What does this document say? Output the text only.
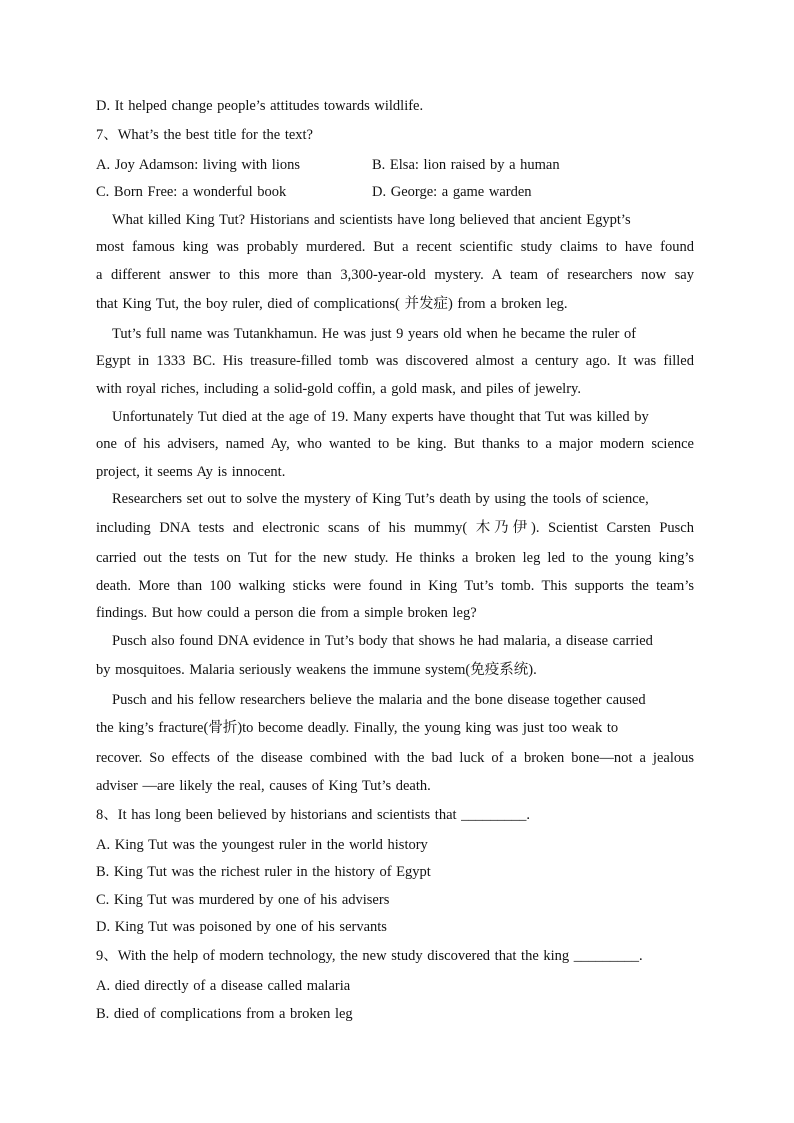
D. It helped change people’s attitudes towards wildlife.
7、What’s the best title for the text?
A. Joy Adamson: living with lions	B. Elsa: lion raised by a human
C. Born Free: a wonderful book	D. George: a game warden
What killed King Tut? Historians and scientists have long believed that ancient Egypt’s
most famous king was probably murdered. But a recent scientific study claims to have found
a different answer to this more than 3,300-year-old mystery. A team of researchers now say
that King Tut, the boy ruler, died of complications( 并发症) from a broken leg.
Tut’s full name was Tutankhamun. He was just 9 years old when he became the ruler of
Egypt in 1333 BC. His treasure-filled tomb was discovered almost a century ago. It was filled
with royal riches, including a solid-gold coffin, a gold mask, and piles of jewelry.
Unfortunately Tut died at the age of 19. Many experts have thought that Tut was killed by
one of his advisers, named Ay, who wanted to be king. But thanks to a major modern science
project, it seems Ay is innocent.
Researchers set out to solve the mystery of King Tut’s death by using the tools of science,
including DNA tests and electronic scans of his mummy( 木乃伊). Scientist Carsten Pusch
carried out the tests on Tut for the new study. He thinks a broken leg led to the young king’s
death. More than 100 walking sticks were found in King Tut’s tomb. This supports the team’s
findings. But how could a person die from a simple broken leg?
Pusch also found DNA evidence in Tut’s body that shows he had malaria, a disease carried
by mosquitoes. Malaria seriously weakens the immune system(免疫系统).
Pusch and his fellow researchers believe the malaria and the bone disease together caused
the king’s fracture(骨折)to become deadly. Finally, the young king was just too weak to
recover. So effects of the disease combined with the bad luck of a broken bone—not a jealous
adviser —are likely the real, causes of King Tut’s death.
8、It has long been believed by historians and scientists that _________.
A. King Tut was the youngest ruler in the world history
B. King Tut was the richest ruler in the history of Egypt
C. King Tut was murdered by one of his advisers
D. King Tut was poisoned by one of his servants
9、With the help of modern technology, the new study discovered that the king _________.
A. died directly of a disease called malaria
B. died of complications from a broken leg
